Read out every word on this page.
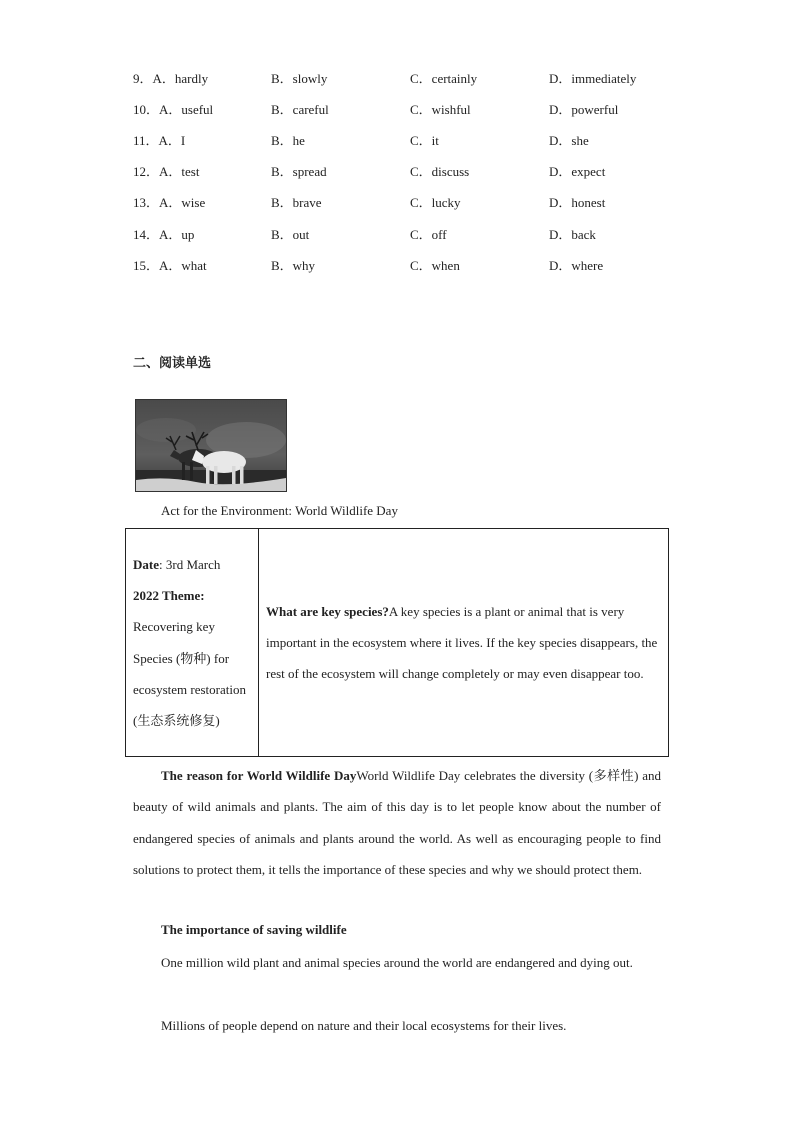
9．A．hardly	B．slowly	C．certainly	D．immediately
10．A．useful	B．careful	C．wishful	D．powerful
11．A．I	B．he	C．it	D．she
12．A．test	B．spread	C．discuss	D．expect
13．A．wise	B．brave	C．lucky	D．honest
14．A．up	B．out	C．off	D．back
15．A．what	B．why	C．when	D．where
二、阅读单选
Act for the Environment: World Wildlife Day
Date: 3rd March
2022 Theme:
Recovering key Species (物种) for ecosystem restoration (生态系统修复)	What are key species?A key species is a plant or animal that is very important in the ecosystem where it lives. If the key species disappears, the rest of the ecosystem will change completely or may even disappear too.
The reason for World Wildlife DayWorld Wildlife Day celebrates the diversity (多样性) and beauty of wild animals and plants. The aim of this day is to let people know about the number of endangered species of animals and plants around the world. As well as encouraging people to find solutions to protect them, it tells the importance of these species and why we should protect them.
The importance of saving wildlife
One million wild plant and animal species around the world are endangered and dying out.
Millions of people depend on nature and their local ecosystems for their lives.
